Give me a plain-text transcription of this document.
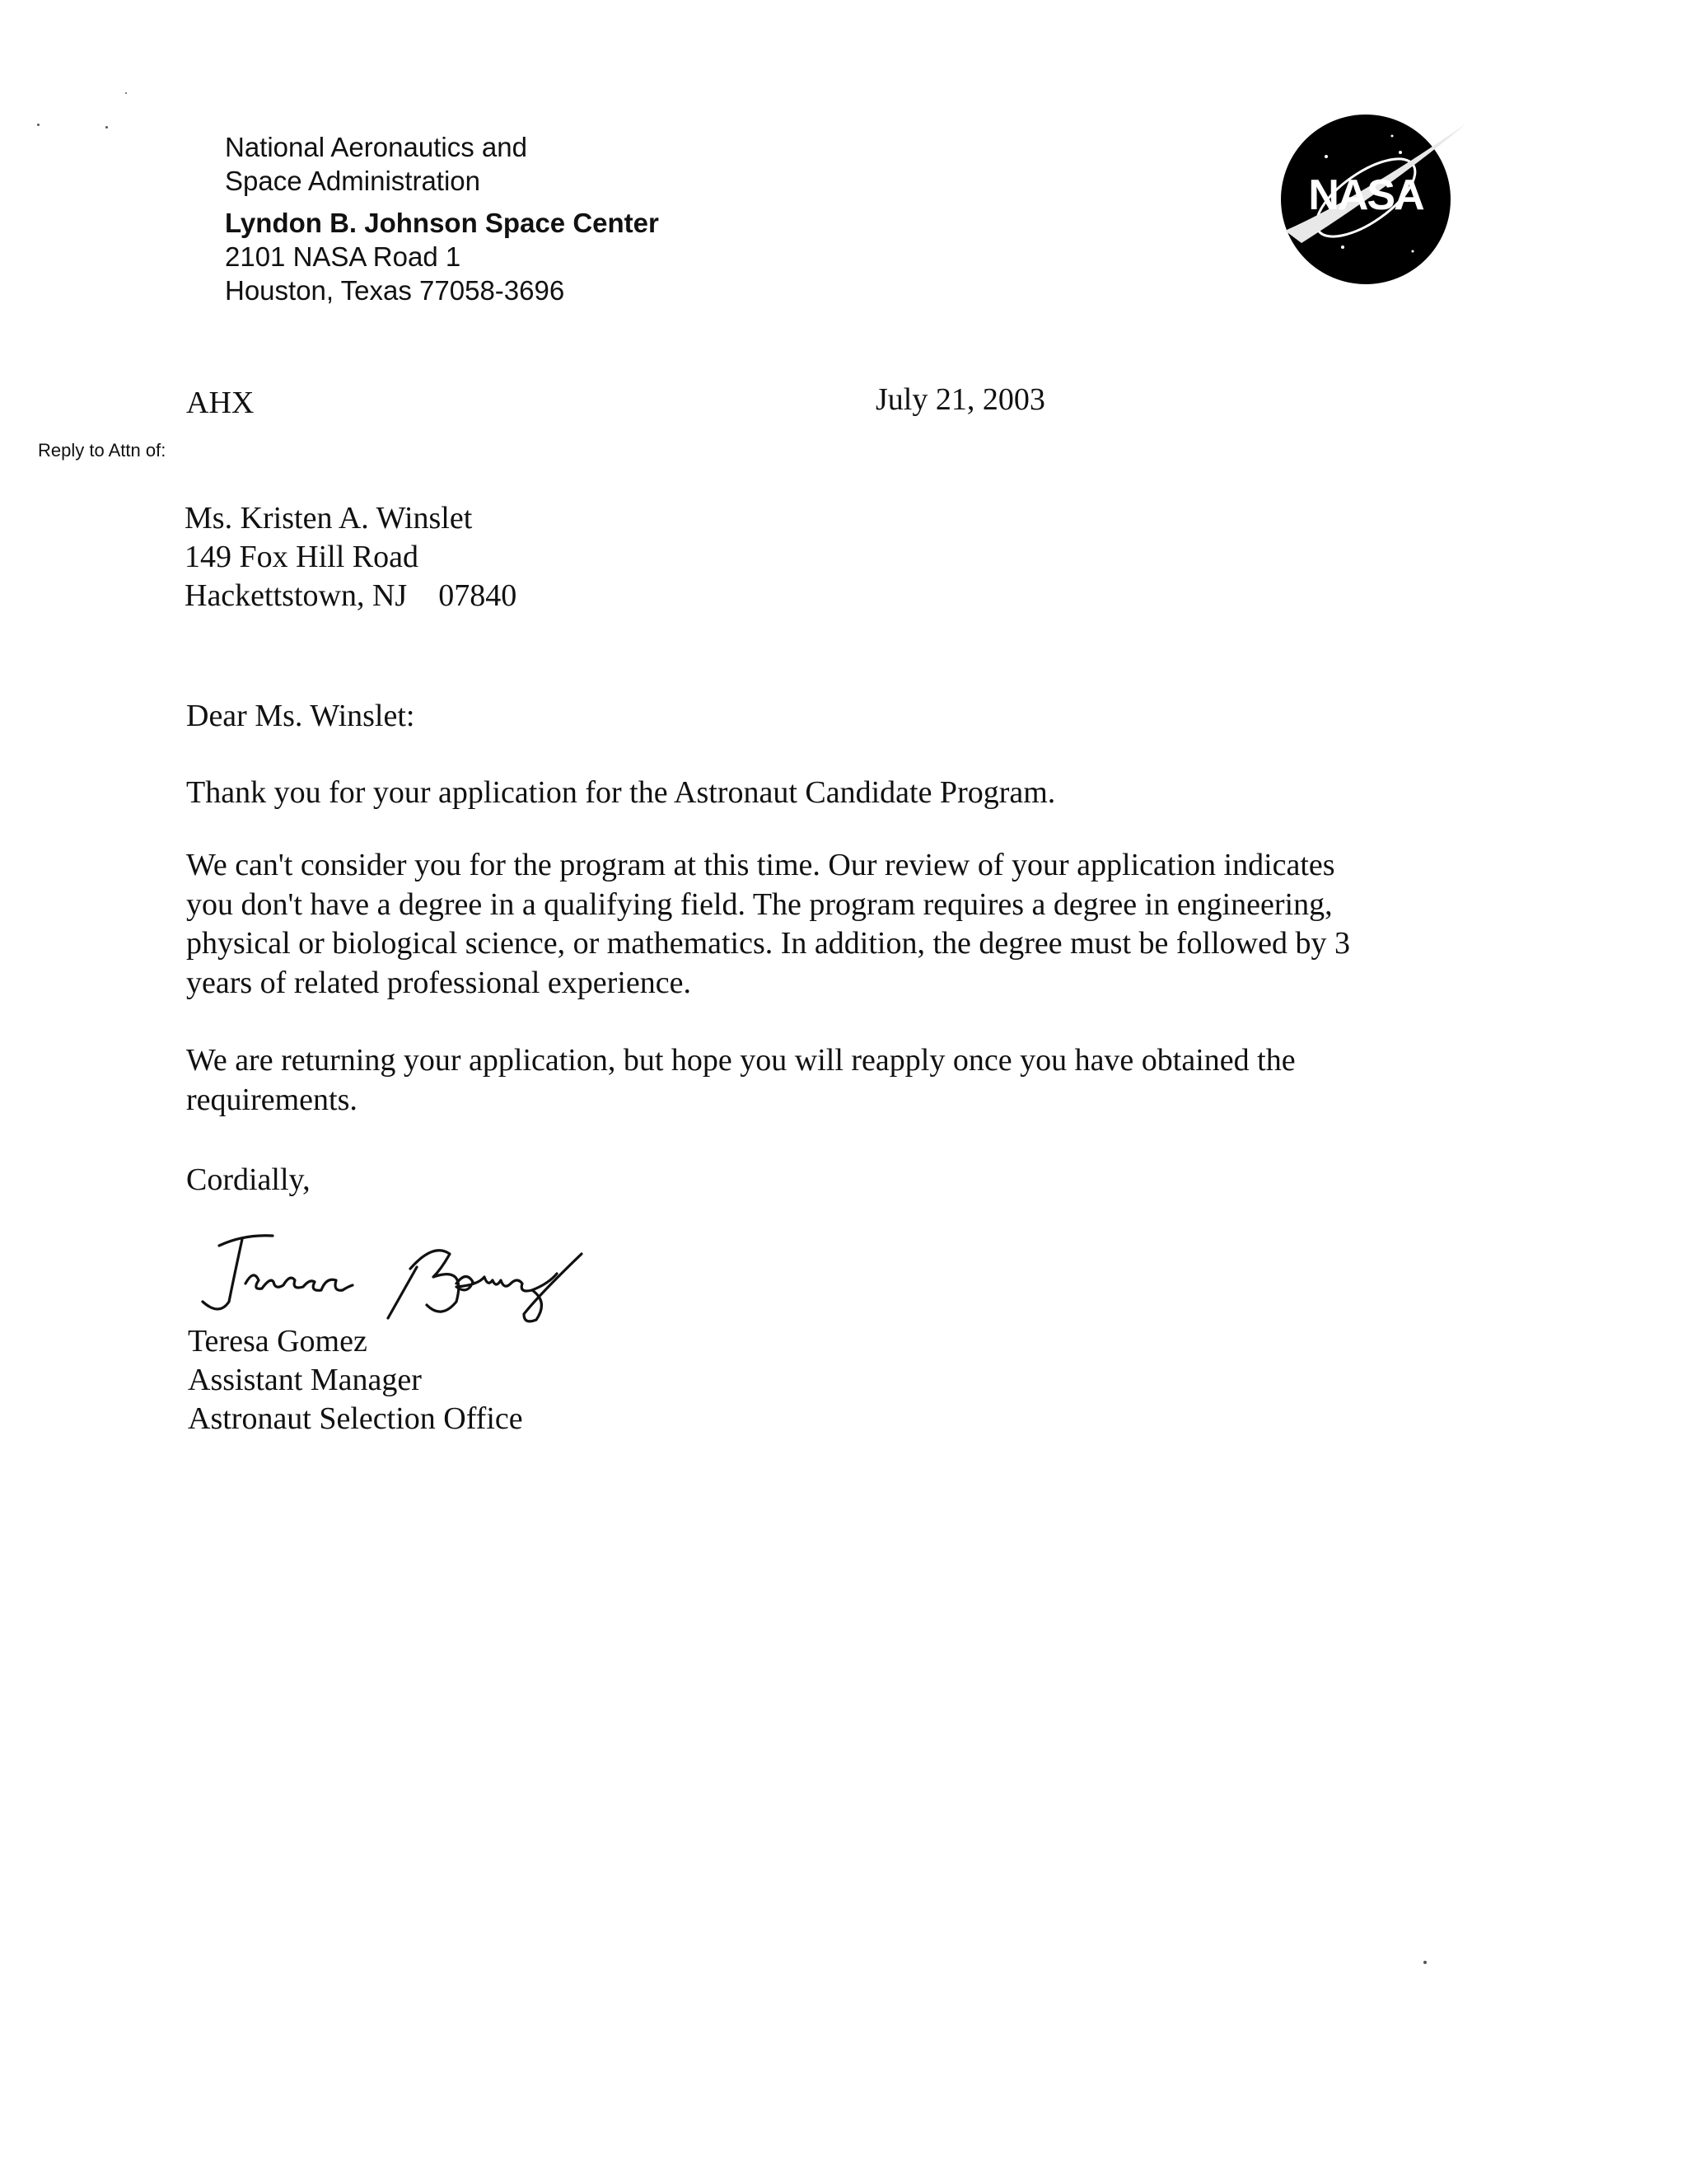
National Aeronautics and
Space Administration
Lyndon B. Johnson Space Center
2101 NASA Road 1
Houston, Texas 77058-3696
NASA
AHX	July 21, 2003
Reply to Attn of:
Ms. Kristen A. Winslet
149 Fox Hill Road
Hackettstown, NJ 07840
Dear Ms. Winslet:
Thank you for your application for the Astronaut Candidate Program.
We can't consider you for the program at this time. Our review of your application indicates
you don't have a degree in a qualifying field. The program requires a degree in engineering,
physical or biological science, or mathematics. In addition, the degree must be followed by 3
years of related professional experience.
We are returning your application, but hope you will reapply once you have obtained the
requirements.
Cordially,
Teresa Gomez
Assistant Manager
Astronaut Selection Office
